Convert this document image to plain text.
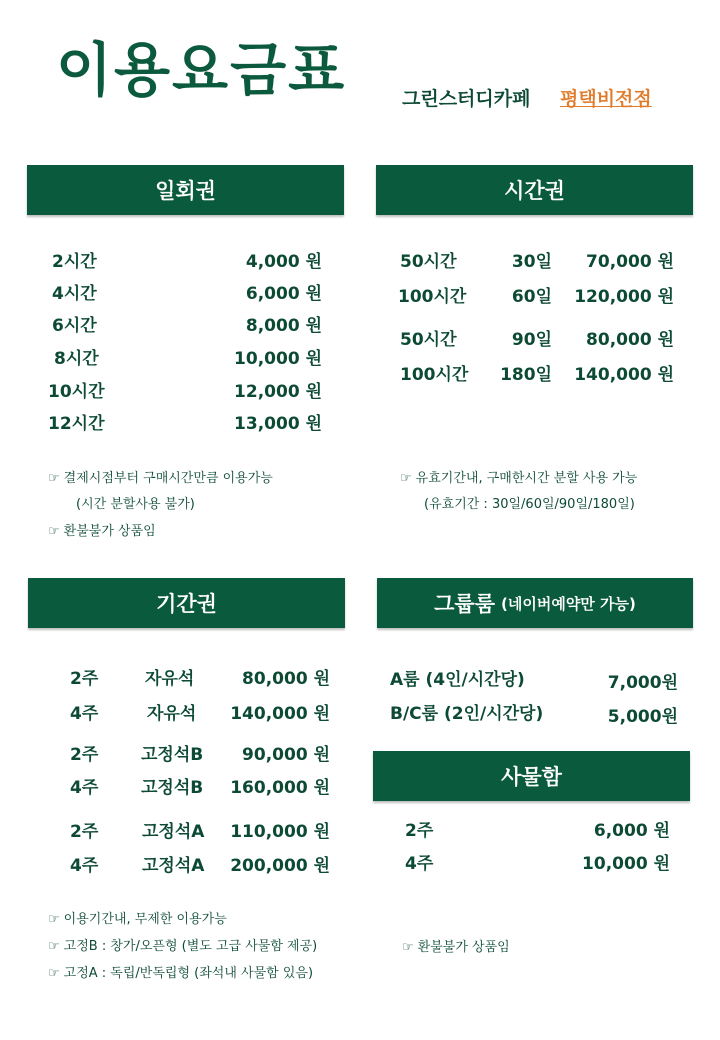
이용요금표	그린스터디카페 평택비전점
일회권
2시간	4,000 원
4시간	6,000 원
6시간	8,000 원
8시간	10,000 원
10시간	12,000 원
12시간	13,000 원
☞ 결제시점부터 구매시간만큼 이용가능
(시간 분할사용 불가)
☞ 환불불가 상품임
시간권
50시간	30일	70,000 원
100시간	60일	120,000 원
50시간	90일	80,000 원
100시간	180일	140,000 원
☞ 유효기간내, 구매한시간 분할 사용 가능
(유효기간 : 30일/60일/90일/180일)
기간권
2주	자유석	80,000 원
4주	자유석	140,000 원
2주	고정석B	90,000 원
4주	고정석B	160,000 원
2주	고정석A	110,000 원
4주	고정석A	200,000 원
☞ 이용기간내, 무제한 이용가능
☞ 고정B : 창가/오픈형 (별도 고급 사물함 제공)
☞ 고정A : 독립/반독립형 (좌석내 사물함 있음)
그룹룸 (네이버예약만 가능)
A룸 (4인/시간당)	7,000원
B/C룸 (2인/시간당)	5,000원
사물함
2주	6,000 원
4주	10,000 원
☞ 환불불가 상품임
